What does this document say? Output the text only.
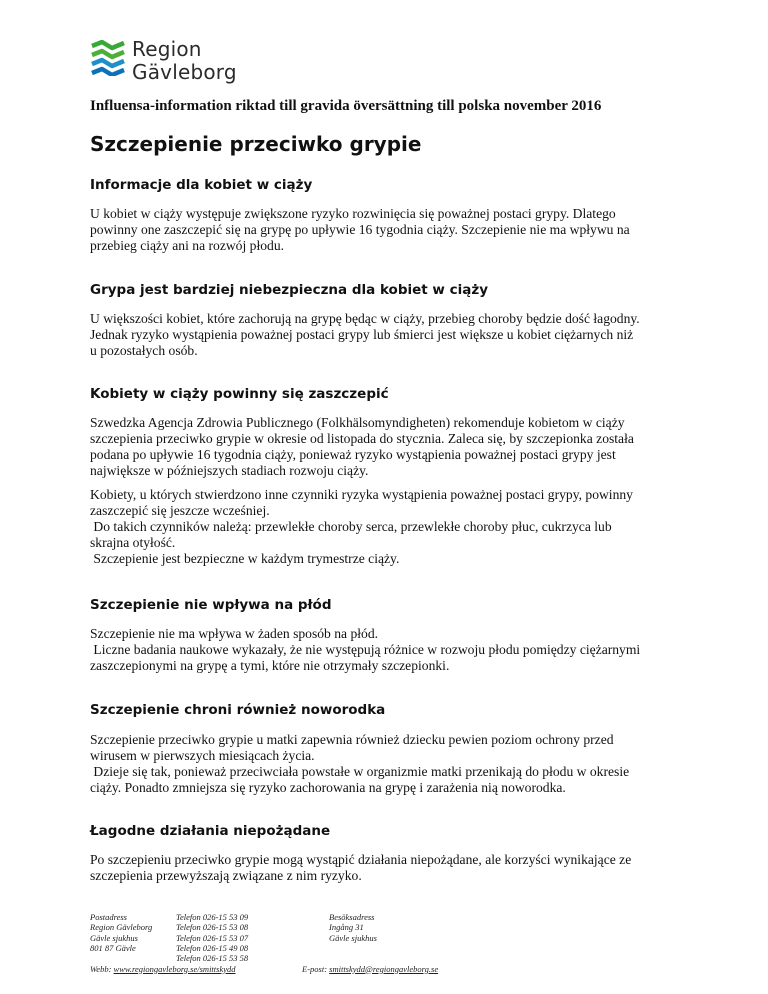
Region
Gävleborg
Influensa-information riktad till gravida översättning till polska november 2016
Szczepienie przeciwko grypie
Informacje dla kobiet w ciąży

U kobiet w ciąży występuje zwiększone ryzyko rozwinięcia się poważnej postaci grypy. Dlatego
powinny one zaszczepić się na grypę po upływie 16 tygodnia ciąży. Szczepienie nie ma wpływu na
przebieg ciąży ani na rozwój płodu.

Grypa jest bardziej niebezpieczna dla kobiet w ciąży

U większości kobiet, które zachorują na grypę będąc w ciąży, przebieg choroby będzie dość łagodny.
Jednak ryzyko wystąpienia poważnej postaci grypy lub śmierci jest większe u kobiet ciężarnych niż
u pozostałych osób.

Kobiety w ciąży powinny się zaszczepić

Szwedzka Agencja Zdrowia Publicznego (Folkhälsomyndigheten) rekomenduje kobietom w ciąży
szczepienia przeciwko grypie w okresie od listopada do stycznia. Zaleca się, by szczepionka została
podana po upływie 16 tygodnia ciąży, ponieważ ryzyko wystąpienia poważnej postaci grypy jest
największe w późniejszych stadiach rozwoju ciąży.

Kobiety, u których stwierdzono inne czynniki ryzyka wystąpienia poważnej postaci grypy, powinny
zaszczepić się jeszcze wcześniej.
Do takich czynników należą: przewlekłe choroby serca, przewlekłe choroby płuc, cukrzyca lub
skrajna otyłość.
Szczepienie jest bezpieczne w każdym trymestrze ciąży.

Szczepienie nie wpływa na płód

Szczepienie nie ma wpływa w żaden sposób na płód.
Liczne badania naukowe wykazały, że nie występują różnice w rozwoju płodu pomiędzy ciężarnymi
zaszczepionymi na grypę a tymi, które nie otrzymały szczepionki.

Szczepienie chroni również noworodka

Szczepienie przeciwko grypie u matki zapewnia również dziecku pewien poziom ochrony przed
wirusem w pierwszych miesiącach życia.
Dzieje się tak, ponieważ przeciwciała powstałe w organizmie matki przenikają do płodu w okresie
ciąży. Ponadto zmniejsza się ryzyko zachorowania na grypę i zarażenia nią noworodka.

Łagodne działania niepożądane

Po szczepieniu przeciwko grypie mogą wystąpić działania niepożądane, ale korzyści wynikające ze
szczepienia przewyższają związane z nim ryzyko.

Postadress
Region Gävleborg
Gävle sjukhus
801 87 Gävle
Telefon 026-15 53 09
Telefon 026-15 53 08
Telefon 026-15 53 07
Telefon 026-15 49 08
Telefon 026-15 53 58
Besöksadress
Ingång 31
Gävle sjukhus
Webb: www.regiongavleborg.se/smittskydd	E-post: smittskydd@regiongavleborg.se
